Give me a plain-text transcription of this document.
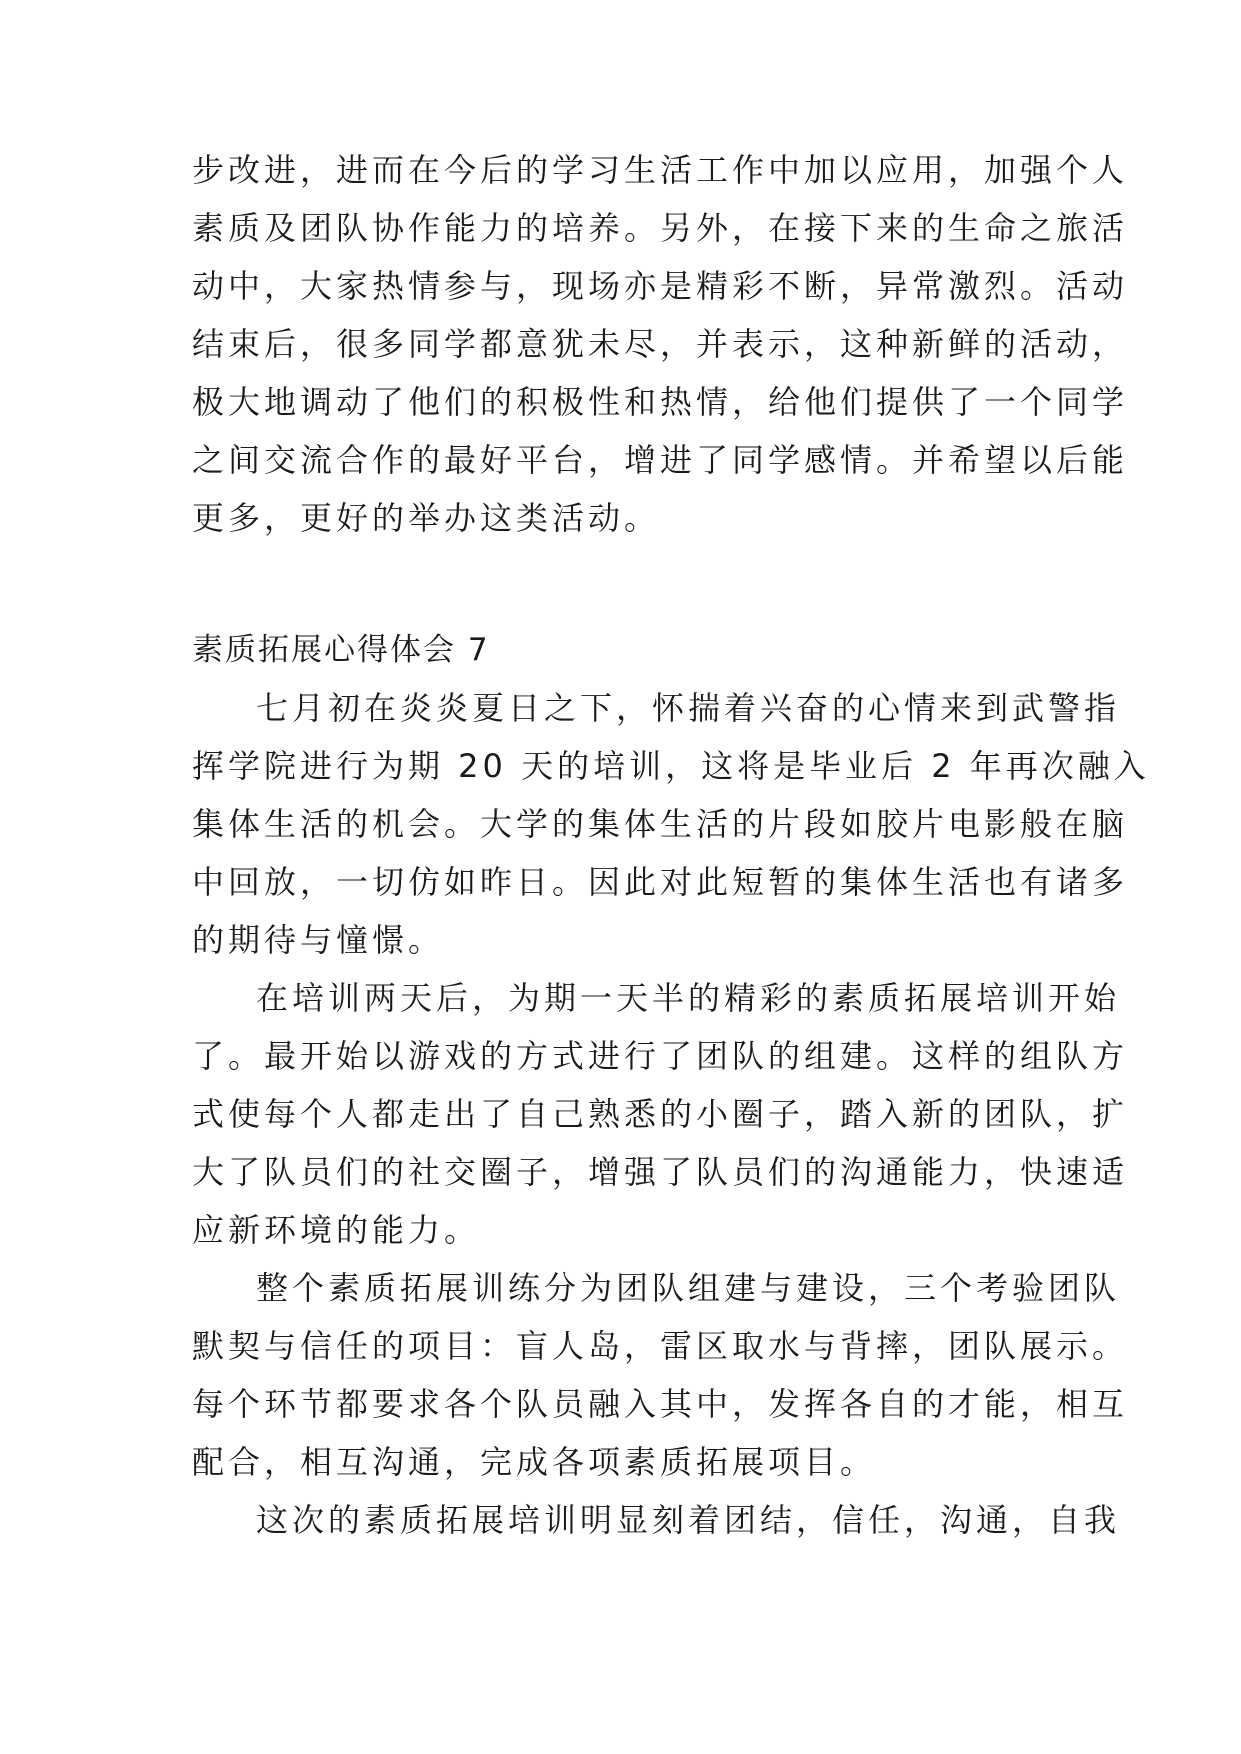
步改进，进而在今后的学习生活工作中加以应用，加强个人
素质及团队协作能力的培养。另外，在接下来的生命之旅活
动中，大家热情参与，现场亦是精彩不断，异常激烈。活动
结束后，很多同学都意犹未尽，并表示，这种新鲜的活动，
极大地调动了他们的积极性和热情，给他们提供了一个同学
之间交流合作的最好平台，增进了同学感情。并希望以后能
更多，更好的举办这类活动。
素质拓展心得体会 7
七月初在炎炎夏日之下，怀揣着兴奋的心情来到武警指
挥学院进行为期 20 天的培训，这将是毕业后 2 年再次融入
集体生活的机会。大学的集体生活的片段如胶片电影般在脑
中回放，一切仿如昨日。因此对此短暂的集体生活也有诸多
的期待与憧憬。
在培训两天后，为期一天半的精彩的素质拓展培训开始
了。最开始以游戏的方式进行了团队的组建。这样的组队方
式使每个人都走出了自己熟悉的小圈子，踏入新的团队，扩
大了队员们的社交圈子，增强了队员们的沟通能力，快速适
应新环境的能力。
整个素质拓展训练分为团队组建与建设，三个考验团队
默契与信任的项目：盲人岛，雷区取水与背摔，团队展示。
每个环节都要求各个队员融入其中，发挥各自的才能，相互
配合，相互沟通，完成各项素质拓展项目。
这次的素质拓展培训明显刻着团结，信任，沟通，自我
